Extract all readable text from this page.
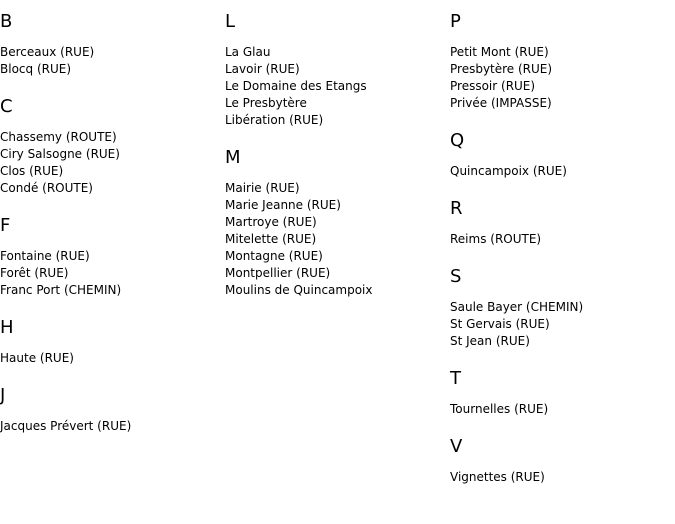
B
Berceaux (RUE)
Blocq (RUE)
C
Chassemy (ROUTE)
Ciry Salsogne (RUE)
Clos (RUE)
Condé (ROUTE)
F
Fontaine (RUE)
Forêt (RUE)
Franc Port (CHEMIN)
H
Haute (RUE)
J
Jacques Prévert (RUE)
L
La Glau
Lavoir (RUE)
Le Domaine des Etangs
Le Presbytère
Libération (RUE)
M
Mairie (RUE)
Marie Jeanne (RUE)
Martroye (RUE)
Mitelette (RUE)
Montagne (RUE)
Montpellier (RUE)
Moulins de Quincampoix
P
Petit Mont (RUE)
Presbytère (RUE)
Pressoir (RUE)
Privée (IMPASSE)
Q
Quincampoix (RUE)
R
Reims (ROUTE)
S
Saule Bayer (CHEMIN)
St Gervais (RUE)
St Jean (RUE)
T
Tournelles (RUE)
V
Vignettes (RUE)
